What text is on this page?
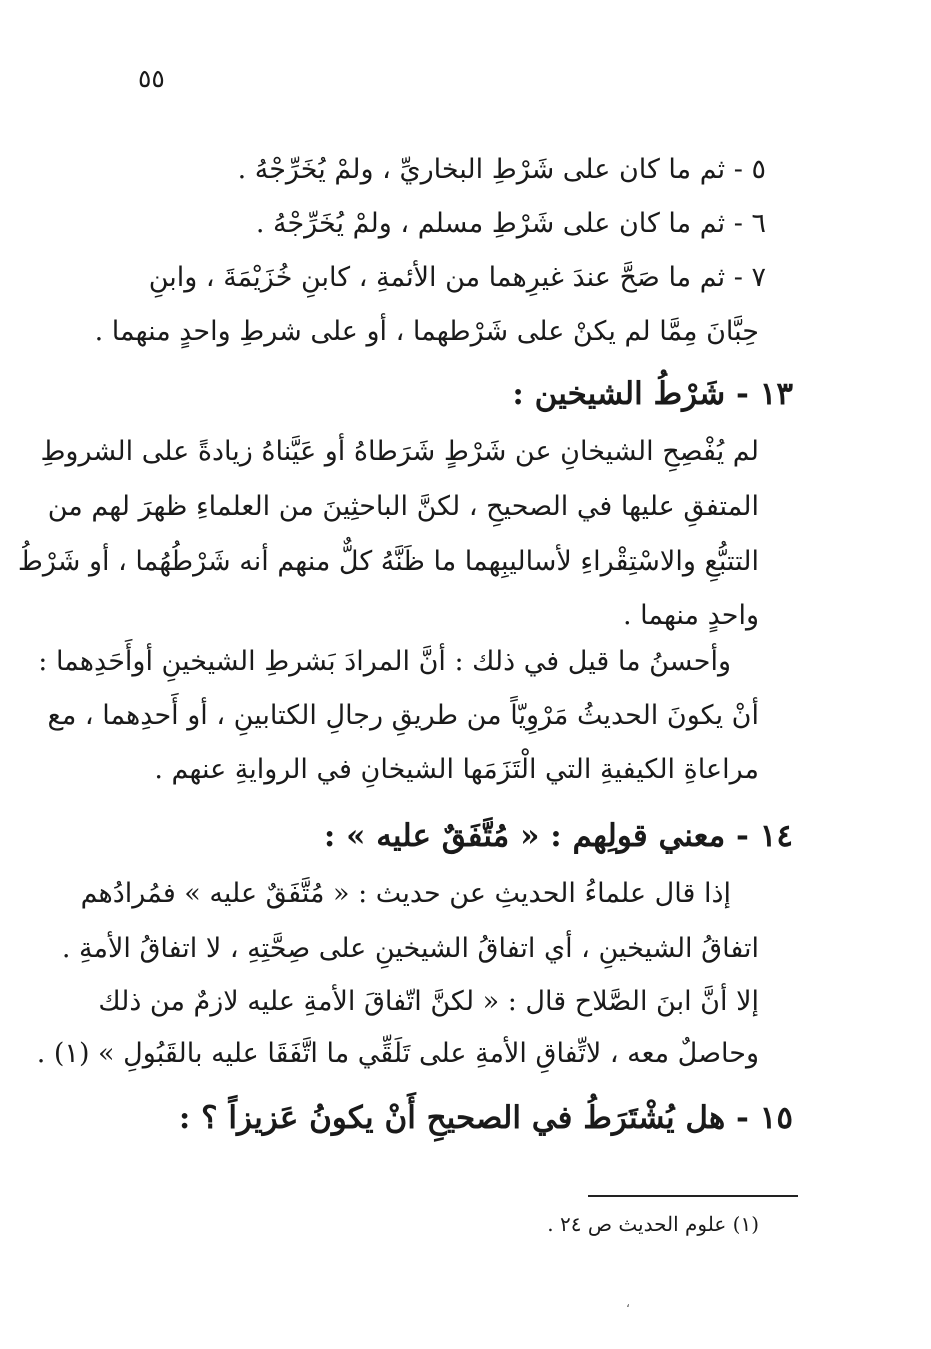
٥٥
٥ - ثم ما كان على شَرْطِ البخاريِّ ، ولمْ يُخَرِّجْهُ .
٦ - ثم ما كان على شَرْطِ مسلم ، ولمْ يُخَرِّجْهُ .
٧ - ثم ما صَحَّ عندَ غيرِهما من الأئمةِ ، كابنِ خُزَيْمَةَ ، وابنِ
حِبَّانَ مِمَّا لم يكنْ على شَرْطهما ، أو على شرطِ واحدٍ منهما .
١٣ - شَرْطُ الشيخين :
لم يُفْصِحِ الشيخانِ عن شَرْطٍ شَرَطاهُ أو عَيَّناهُ زيادةً على الشروطِ
المتفقِ عليها في الصحيحِ ، لكنَّ الباحثِينَ من العلماءِ ظهرَ لهم من
التتبُّعِ والاسْتِقْراءِ لأساليبِهما ما ظَنَّهُ كلٌّ منهم أنه شَرْطُهُما ، أو شَرْطُ
واحدٍ منهما .
وأحسنُ ما قيل في ذلك : أنَّ المرادَ بَشرطِ الشيخينِ أوأَحَدِهما :
أنْ يكونَ الحديثُ مَرْوِيّاً من طريقِ رجالِ الكتابينِ ، أو أَحدِهما ، مع
مراعاةِ الكيفيةِ التي الْتَزَمَها الشيخانِ في الروايةِ عنهم .
١٤ - معني قولِهم : « مُتَّفَقٌ عليه » :
إذا قال علماءُ الحديثِ عن حديث : « مُتَّفَقٌ عليه » فمُرادُهم
اتفاقُ الشيخينِ ، أي اتفاقُ الشيخينِ على صِحَّتِهِ ، لا اتفاقُ الأمةِ .
إلا أنَّ ابنَ الصَّلاح قال : « لكنَّ اتّفاقَ الأمةِ عليه لازمٌ من ذلك
وحاصلٌ معه ، لاتِّفاقِ الأمةِ على تَلَقِّي ما اتَّفَقَا عليه بالقَبُولِ » (١) .
١٥ - هل يُشْتَرَطُ في الصحيحِ أَنْ يكونُ عَزيزاً ؟ :
(١) علوم الحديث ص ٢٤ .
،
